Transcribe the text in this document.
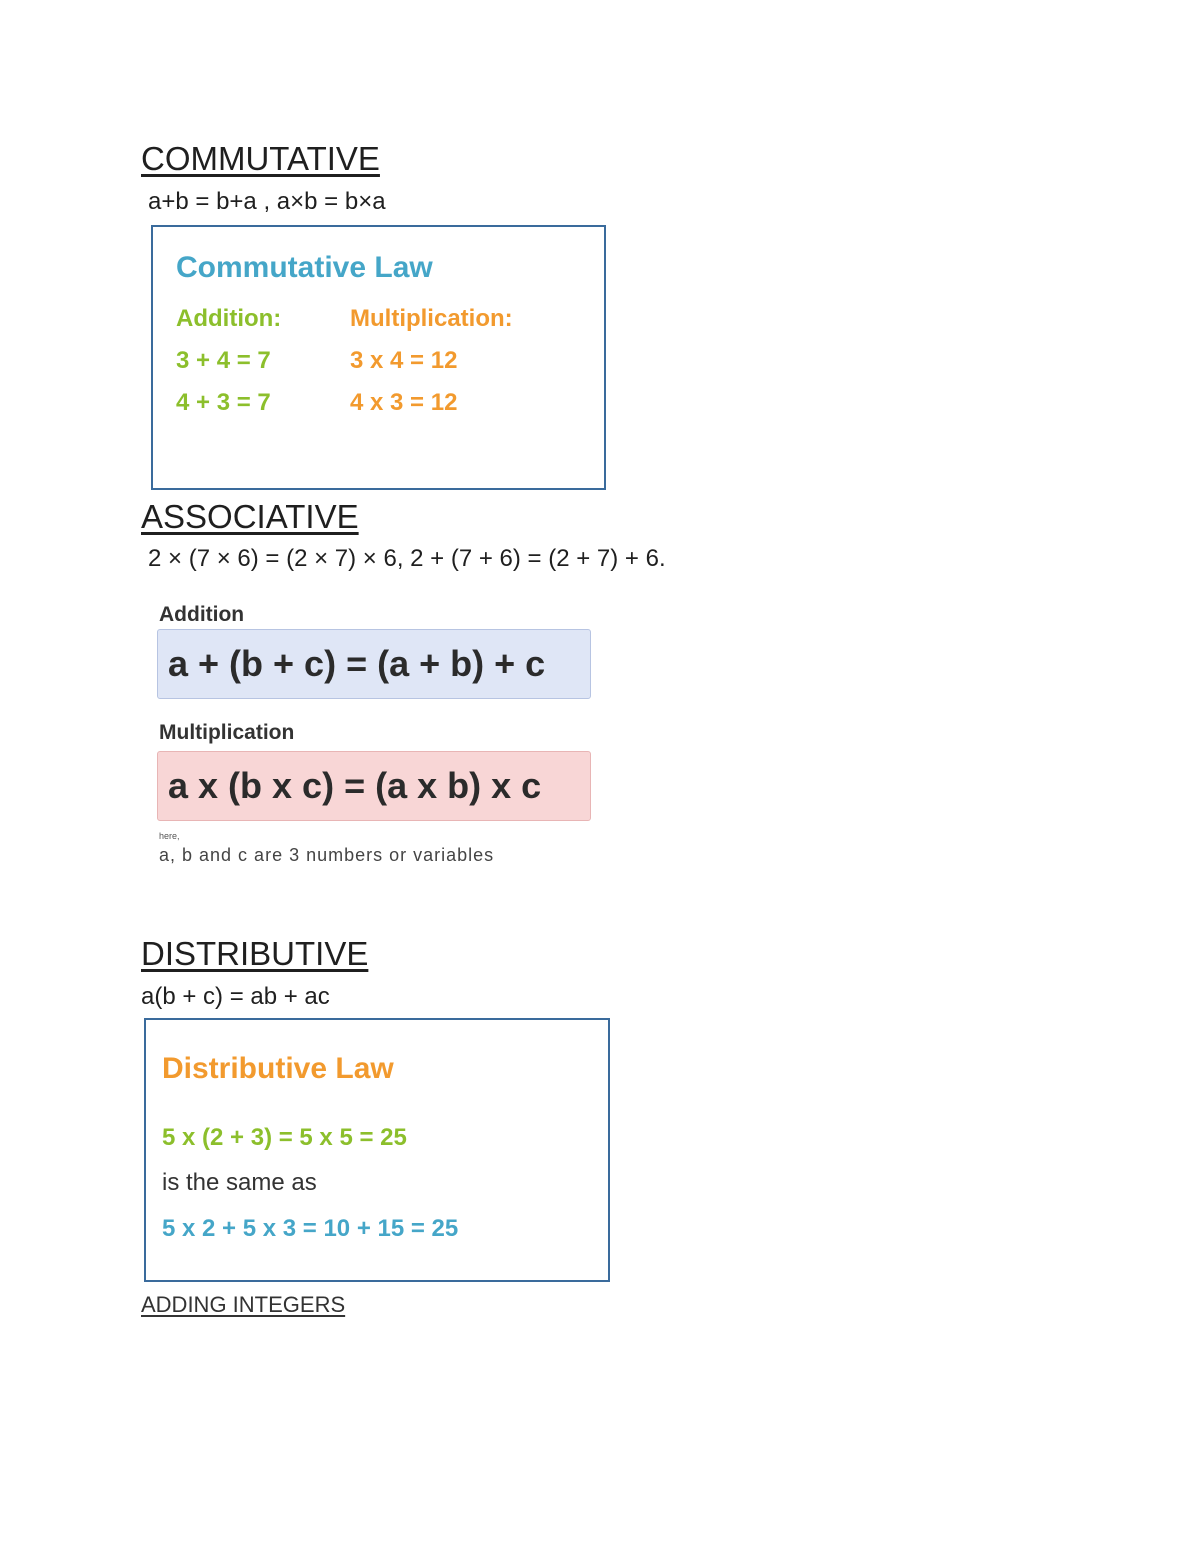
COMMUTATIVE
a+b = b+a , a×b = b×a
Commutative Law
Addition:	Multiplication:
3 + 4 = 7	3 x 4 = 12
4 + 3 = 7	4 x 3 = 12
ASSOCIATIVE
2 × (7 × 6) = (2 × 7) × 6, 2 + (7 + 6) = (2 + 7) + 6.
Addition
a + (b + c) = (a + b) + c
Multiplication
a x (b x c) = (a x b) x c
here,
a, b and c are 3 numbers or variables
DISTRIBUTIVE
a(b + c) = ab + ac
Distributive Law
5 x (2 + 3) = 5 x 5 = 25
is the same as
5 x 2 + 5 x 3 = 10 + 15 = 25
ADDING INTEGERS
